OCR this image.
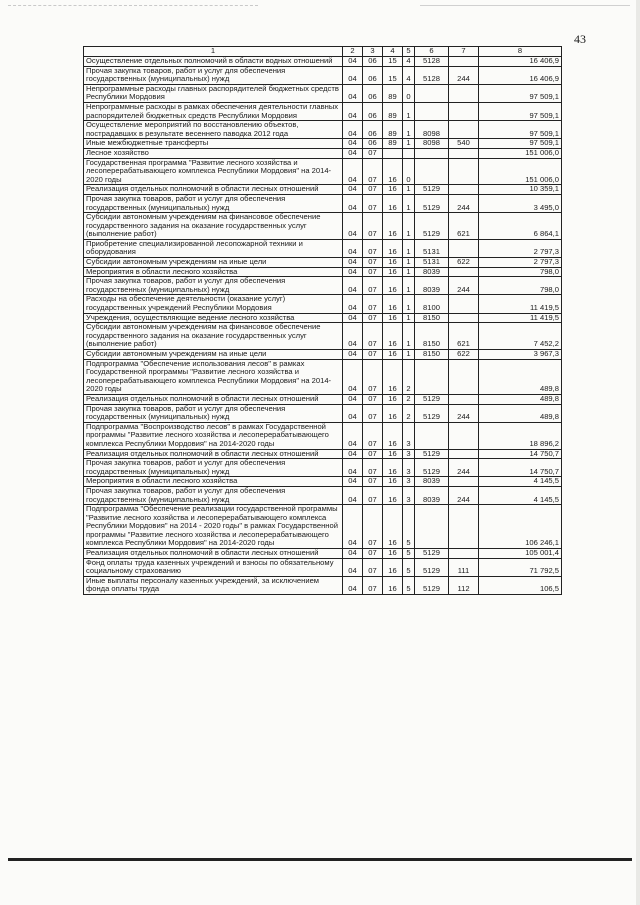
43
1	2	3	4	5	6	7	8
Осуществление отдельных полномочий в области водных отношений	04	06	15	4	5128		16 406,9
Прочая закупка товаров, работ и услуг для обеспечения государственных (муниципальных) нужд	04	06	15	4	5128	244	16 406,9
Непрограммные расходы главных распорядителей бюджетных средств Республики Мордовия	04	06	89	0			97 509,1
Непрограммные расходы в рамках обеспечения деятельности главных распорядителей бюджетных средств Республики Мордовия	04	06	89	1			97 509,1
Осуществление мероприятий по восстановлению объектов, пострадавших в результате весеннего паводка 2012 года	04	06	89	1	8098		97 509,1
Иные межбюджетные трансферты	04	06	89	1	8098	540	97 509,1
Лесное хозяйство	04	07					151 006,0
Государственная программа "Развитие лесного хозяйства и лесоперерабатывающего комплекса Республики Мордовия" на 2014-2020 годы	04	07	16	0			151 006,0
Реализация отдельных полномочий в области лесных отношений	04	07	16	1	5129		10 359,1
Прочая закупка товаров, работ и услуг для обеспечения государственных (муниципальных) нужд	04	07	16	1	5129	244	3 495,0
Субсидии автономным учреждениям на финансовое обеспечение государственного задания на оказание государственных услуг (выполнение работ)	04	07	16	1	5129	621	6 864,1
Приобретение специализированной лесопожарной техники и оборудования	04	07	16	1	5131		2 797,3
Субсидии автономным учреждениям на иные цели	04	07	16	1	5131	622	2 797,3
Мероприятия в области лесного хозяйства	04	07	16	1	8039		798,0
Прочая закупка товаров, работ и услуг для обеспечения государственных (муниципальных) нужд	04	07	16	1	8039	244	798,0
Расходы на обеспечение деятельности (оказание услуг) государственных учреждений Республики Мордовия	04	07	16	1	8100		11 419,5
Учреждения, осуществляющие ведение лесного хозяйства	04	07	16	1	8150		11 419,5
Субсидии автономным учреждениям на финансовое обеспечение государственного задания на оказание государственных услуг (выполнение работ)	04	07	16	1	8150	621	7 452,2
Субсидии автономным учреждениям на иные цели	04	07	16	1	8150	622	3 967,3
Подпрограмма "Обеспечение использования лесов" в рамках Государственной программы "Развитие лесного хозяйства и лесоперерабатывающего комплекса Республики Мордовия" на 2014-2020 годы	04	07	16	2			489,8
Реализация отдельных полномочий в области лесных отношений	04	07	16	2	5129		489,8
Прочая закупка товаров, работ и услуг для обеспечения государственных (муниципальных) нужд	04	07	16	2	5129	244	489,8
Подпрограмма "Воспроизводство лесов" в рамках Государственной программы "Развитие лесного хозяйства и лесоперерабатывающего комплекса Республики Мордовия" на 2014-2020 годы	04	07	16	3			18 896,2
Реализация отдельных полномочий в области лесных отношений	04	07	16	3	5129		14 750,7
Прочая закупка товаров, работ и услуг для обеспечения государственных (муниципальных) нужд	04	07	16	3	5129	244	14 750,7
Мероприятия в области лесного хозяйства	04	07	16	3	8039		4 145,5
Прочая закупка товаров, работ и услуг для обеспечения государственных (муниципальных) нужд	04	07	16	3	8039	244	4 145,5
Подпрограмма "Обеспечение реализации государственной программы "Развитие лесного хозяйства и лесоперерабатывающего комплекса Республики Мордовия" на 2014 - 2020 годы" в рамках Государственной программы "Развитие лесного хозяйства и лесоперерабатывающего комплекса Республики Мордовия" на 2014-2020 годы	04	07	16	5			106 246,1
Реализация отдельных полномочий в области лесных отношений	04	07	16	5	5129		105 001,4
Фонд оплаты труда казенных учреждений и взносы по обязательному социальному страхованию	04	07	16	5	5129	111	71 792,5
Иные выплаты персоналу казенных учреждений, за исключением фонда оплаты труда	04	07	16	5	5129	112	106,5
